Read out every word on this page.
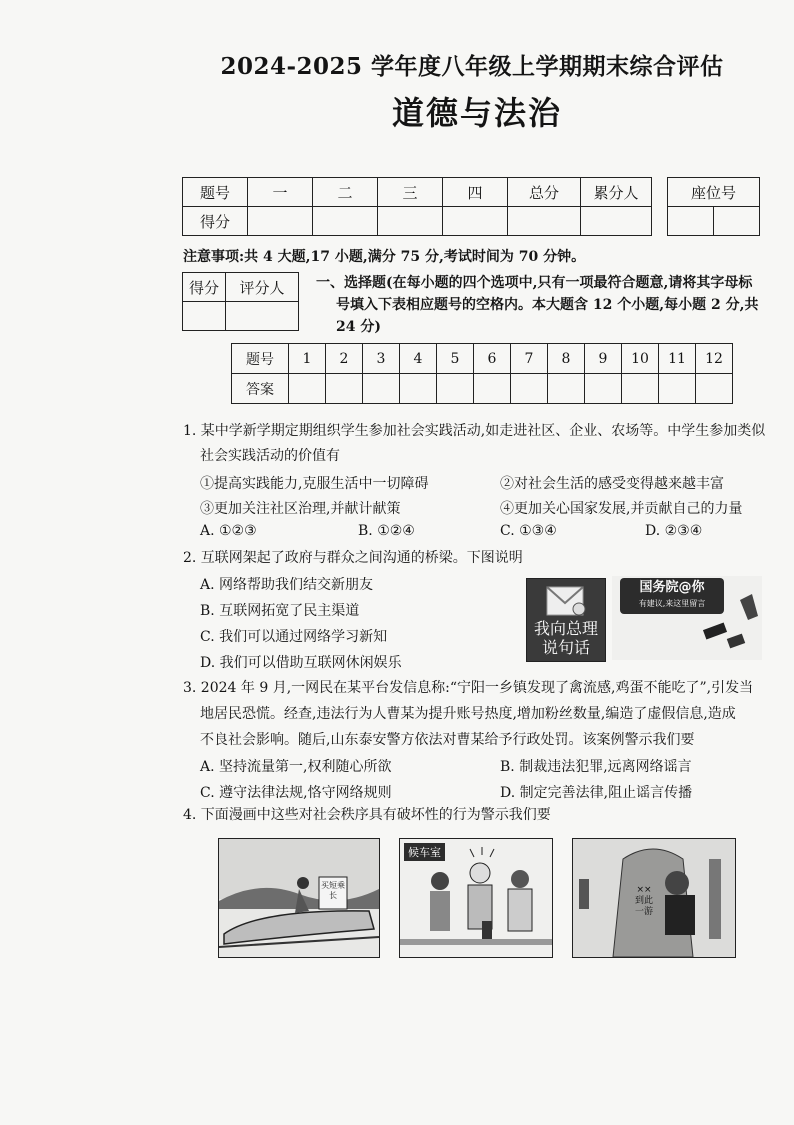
2024-2025 学年度八年级上学期期末综合评估
道德与法治
题号	一	二	三	四	总分	累分人
得分						
座位号

注意事项:共 4 大题,17 小题,满分 75 分,考试时间为 70 分钟。
得分	评分人
	一、选择题(在每小题的四个选项中,只有一项最符合题意,请将其字母标
号填入下表相应题号的空格内。本大题含 12 个小题,每小题 2 分,共
24 分)
题号	1	2	3	4	5	6	7	8	9	10	11	12
答案												
1. 某中学新学期定期组织学生参加社会实践活动,如走进社区、企业、农场等。中学生参加类似
社会实践活动的价值有
①提高实践能力,克服生活中一切障碍	②对社会生活的感受变得越来越丰富
③更加关注社区治理,并献计献策	④更加关心国家发展,并贡献自己的力量
A. ①②③	B. ①②④	C. ①③④	D. ②③④
2. 互联网架起了政府与群众之间沟通的桥梁。下图说明
A. 网络帮助我们结交新朋友
B. 互联网拓宽了民主渠道
C. 我们可以通过网络学习新知
D. 我们可以借助互联网休闲娱乐
我向总理
说句话
国务院@你
有建议,来这里留言
3. 2024 年 9 月,一网民在某平台发信息称:“宁阳一乡镇发现了禽流感,鸡蛋不能吃了”,引发当
地居民恐慌。经查,违法行为人曹某为提升账号热度,增加粉丝数量,编造了虚假信息,造成
不良社会影响。随后,山东泰安警方依法对曹某给予行政处罚。该案例警示我们要
A. 坚持流量第一,权利随心所欲	B. 制裁违法犯罪,远离网络谣言
C. 遵守法律法规,恪守网络规则	D. 制定完善法律,阻止谣言传播
4. 下面漫画中这些对社会秩序具有破坏性的行为警示我们要
买短乘长
候车室
××
到此
一游
